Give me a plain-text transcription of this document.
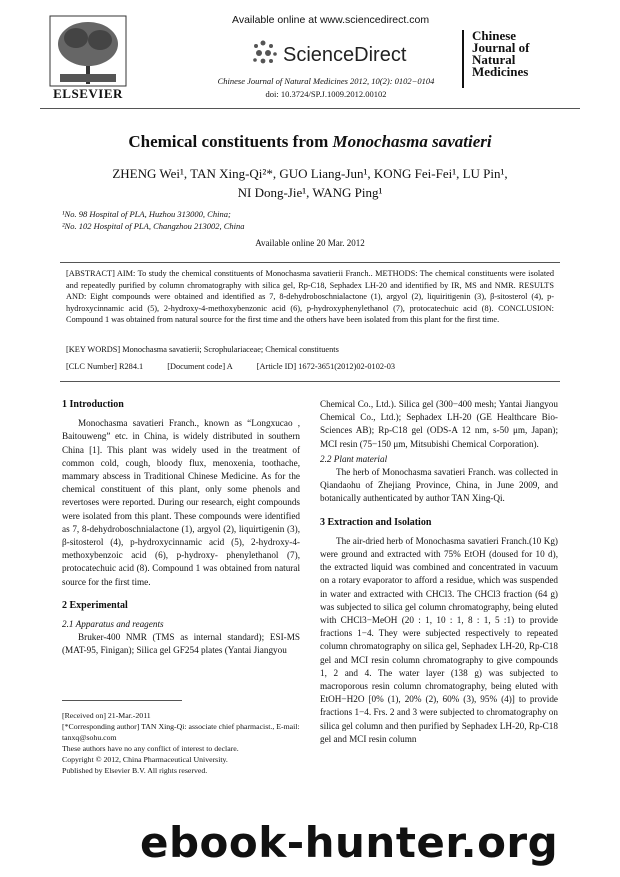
ELSEVIER
Available online at www.sciencedirect.com
ScienceDirect
Chinese Journal of Natural Medicines 2012, 10(2): 0102−0104
doi: 10.3724/SP.J.1009.2012.00102
Chinese
Journal of
Natural
Medicines
Chemical constituents from Monochasma savatieri
ZHENG Wei¹, TAN Xing-Qi²*, GUO Liang-Jun¹, KONG Fei-Fei¹, LU Pin¹,
NI Dong-Jie¹, WANG Ping¹
¹No. 98 Hospital of PLA, Huzhou 313000, China;
²No. 102 Hospital of PLA, Changzhou 213002, China
Available online 20 Mar. 2012
[ABSTRACT] AIM: To study the chemical constituents of Monochasma savatierii Franch.. METHODS: The chemical constituents were isolated and repeatedly purified by column chromatography with silica gel, Rp-C18, Sephadex LH-20 and identified by IR, MS and NMR. RESULTS AND: Eight compounds were obtained and identified as 7, 8-dehydroboschnialactone (1), argyol (2), liquiritigenin (3), β-sitosterol (4), p-hydroxycinnamic acid (5), 2-hydroxy-4-methoxybenzonic acid (6), p-hydroxyphenylethanol (7), protocatechuic acid (8). CONCLUSION: Compound 1 was obtained from natural source for the first time and the others have been isolated from this plant for the first time.
[KEY WORDS] Monochasma savatierii; Scrophulariaceae; Chemical constituents
[CLC Number] R284.1	[Document code] A	[Article ID] 1672-3651(2012)02-0102-03
1 Introduction
Monochasma savatieri Franch., known as “Longxucao , Baitouweng” etc. in China, is widely distributed in southern China [1]. This plant was widely used in the treatment of common cold, cough, bloody flux, menoxenia, toothache, mammary abscess in Traditional Chinese Medicine. As for the chemical constituent of this plant, only some phenols and revertoses were reported. During our research, eight compounds were isolated from this plant. These compounds were identified as 7, 8-dehydroboschnialactone (1), argyol (2), liquirtigenin (3), β-sitosterol (4), p-hydroxycinnamic acid (5), 2-hydroxy-4-methoxybenzoic acid (6), p-hydroxy- phenylethanol (7), protocatechuic acid (8). Compound 1 was obtained from natural source for the first time.
2 Experimental
2.1 Apparatus and reagents
Bruker-400 NMR (TMS as internal standard); ESI-MS (MAT-95, Finigan); Silica gel GF254 plates (Yantai Jiangyou
[Received on] 21-Mar.-2011
[*Corresponding author] TAN Xing-Qi: associate chief pharmacist., E-mail: tanxq@sohu.com
These authors have no any conflict of interest to declare.
Copyright © 2012, China Pharmaceutical University.
Published by Elsevier B.V. All rights reserved.
Chemical Co., Ltd.). Silica gel (300−400 mesh; Yantai Jiangyou Chemical Co., Ltd.); Sephadex LH-20 (GE Healthcare Bio-Sciences AB); Rp-C18 gel (ODS-A 12 nm, s-50 μm, Japan); MCI resin (75−150 μm, Mitsubishi Chemical Corporation).
2.2 Plant material
The herb of Monochasma savatieri Franch. was collected in Qiandaohu of Zhejiang Province, China, in June 2009, and botanically authenticated by author TAN Xing-Qi.
3 Extraction and Isolation
The air-dried herb of Monochasma savatieri Franch.(10 Kg) were ground and extracted with 75% EtOH (doused for 10 d), the extracted liquid was combined and concentrated in vacuum on a rotary evaporator to afford a residue, which was suspended in water and extracted with CHCl3. The CHCl3 fraction (64 g) was subjected to silica gel column chromatography, being eluted with CHCl3−MeOH (20 : 1, 10 : 1, 8 : 1, 5 :1) to provide fractions 1−4. They were subjected respectively to repeated column chromatography on silica gel, Sephadex LH-20, Rp-C18 gel and MCI resin column chromatography to give compounds 1, 2 and 4. The water layer (138 g) was subjected to macroporous resin column chromatography, being eluted with EtOH−H2O [0% (1), 20% (2), 60% (3), 95% (4)] to provide fractions 1−4. Frs. 2 and 3 were subjected to chromatography on silica gel column and then purified by Sephadex LH-20, Rp-C18 gel and MCI resin column
ebook-hunter.org
